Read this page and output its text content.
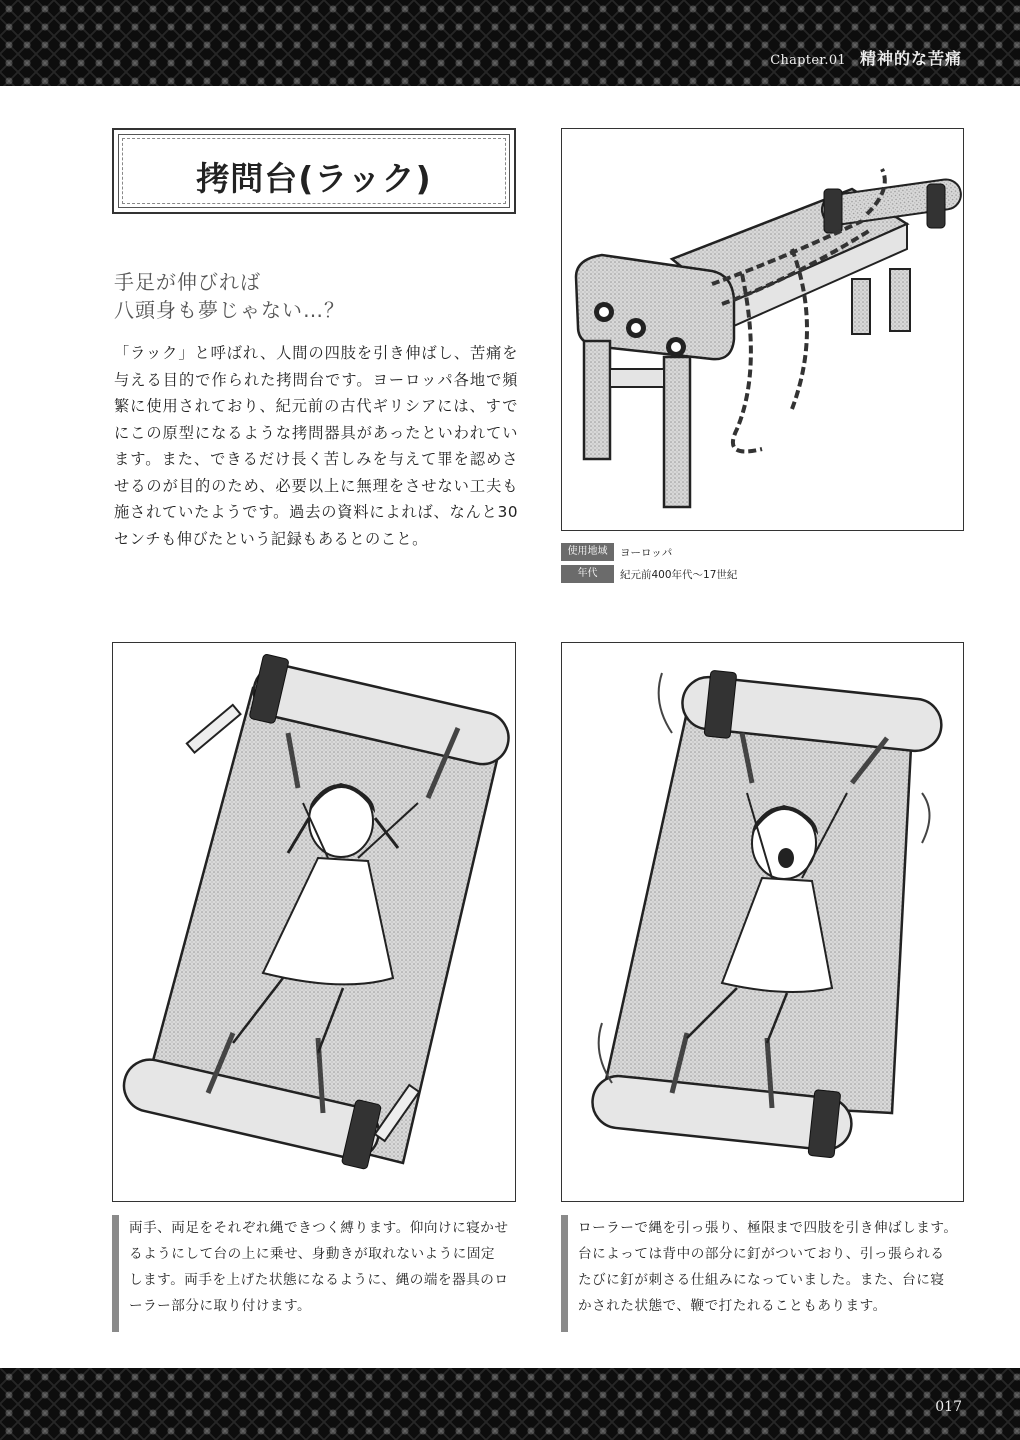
Chapter.01 精神的な苦痛
拷問台(ラック)
手足が伸びれば
八頭身も夢じゃない…？

「ラック」と呼ばれ、人間の四肢を引き伸ばし、苦痛を与える目的で作られた拷問台です。ヨーロッパ各地で頻繁に使用されており、紀元前の古代ギリシアには、すでにこの原型になるような拷問器具があったといわれています。また、できるだけ長く苦しみを与えて罪を認めさせるのが目的のため、必要以上に無理をさせない工夫も施されていたようです。過去の資料によれば、なんと30センチも伸びたという記録もあるとのこと。

使用地域	ヨーロッパ
年代	紀元前400年代〜17世紀

両手、両足をそれぞれ縄できつく縛ります。仰向けに寝かせるようにして台の上に乗せ、身動きが取れないように固定します。両手を上げた状態になるように、縄の端を器具のローラー部分に取り付けます。

ローラーで縄を引っ張り、極限まで四肢を引き伸ばします。台によっては背中の部分に釘がついており、引っ張られるたびに釘が刺さる仕組みになっていました。また、台に寝かされた状態で、鞭で打たれることもあります。

017
